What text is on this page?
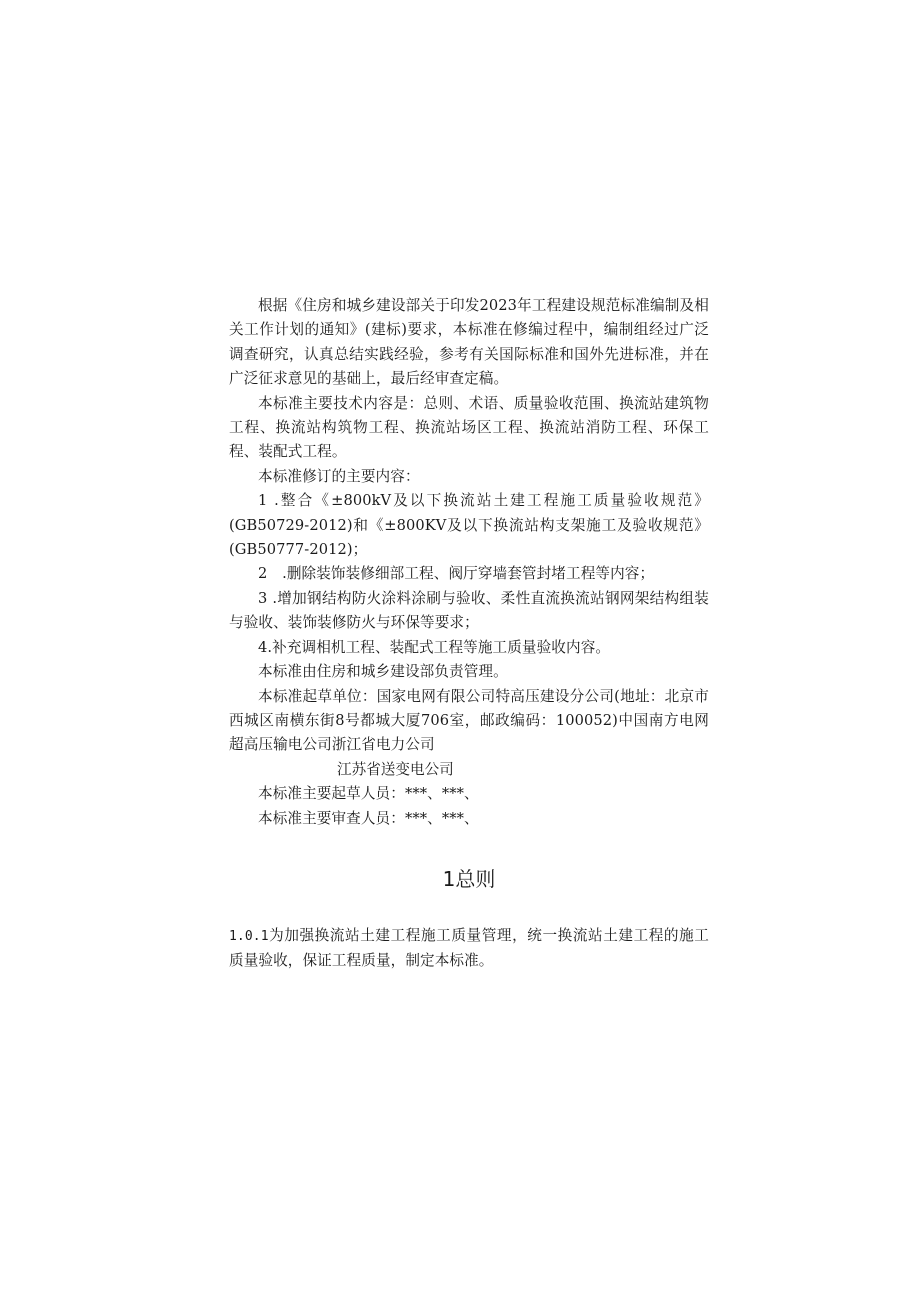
根据《住房和城乡建设部关于印发2023年工程建设规范标准编制及相关工作计划的通知》(建标)要求，本标准在修编过程中，编制组经过广泛调查研究，认真总结实践经验，参考有关国际标准和国外先进标准，并在广泛征求意见的基础上，最后经审查定稿。

本标准主要技术内容是：总则、术语、质量验收范围、换流站建筑物工程、换流站构筑物工程、换流站场区工程、换流站消防工程、环保工程、装配式工程。

本标准修订的主要内容：

1 .整合《±800kV及以下换流站土建工程施工质量验收规范》(GB50729-2012)和《±800KV及以下换流站构支架施工及验收规范》(GB50777-2012)；

2　.删除装饰装修细部工程、阀厅穿墙套管封堵工程等内容；

3 .增加钢结构防火涂料涂刷与验收、柔性直流换流站钢网架结构组装与验收、装饰装修防火与环保等要求；

4.补充调相机工程、装配式工程等施工质量验收内容。

本标准由住房和城乡建设部负责管理。

本标准起草单位：国家电网有限公司特高压建设分公司(地址：北京市西城区南横东街8号都城大厦706室，邮政编码：100052)中国南方电网超高压输电公司浙江省电力公司

江苏省送变电公司

本标准主要起草人员：***、***、

本标准主要审查人员：***、***、

1总则

1.0.1为加强换流站土建工程施工质量管理，统一换流站土建工程的施工质量验收，保证工程质量，制定本标准。
